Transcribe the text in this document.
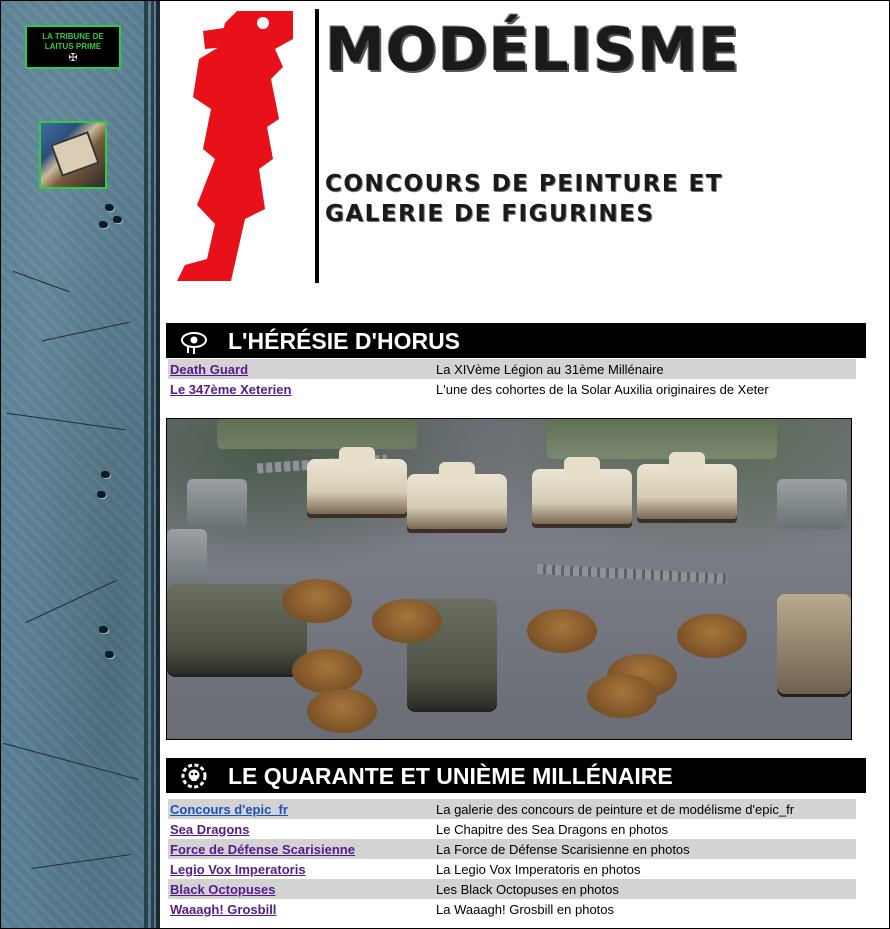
LA TRIBUNE DE
LAITUS PRIME
✠	MODÉLISME
CONCOURS DE PEINTURE ET
GALERIE DE FIGURINES
L'HÉRÉSIE D'HORUS
Death Guard	La XIVème Légion au 31ème Millénaire
Le 347ème Xeterien	L'une des cohortes de la Solar Auxilia originaires de Xeter
LE QUARANTE ET UNIÈME MILLÉNAIRE
Concours d'epic_fr	La galerie des concours de peinture et de modélisme d'epic_fr
Sea Dragons	Le Chapitre des Sea Dragons en photos
Force de Défense Scarisienne	La Force de Défense Scarisienne en photos
Legio Vox Imperatoris	La Legio Vox Imperatoris en photos
Black Octopuses	Les Black Octopuses en photos
Waaagh! Grosbill	La Waaagh! Grosbill en photos
